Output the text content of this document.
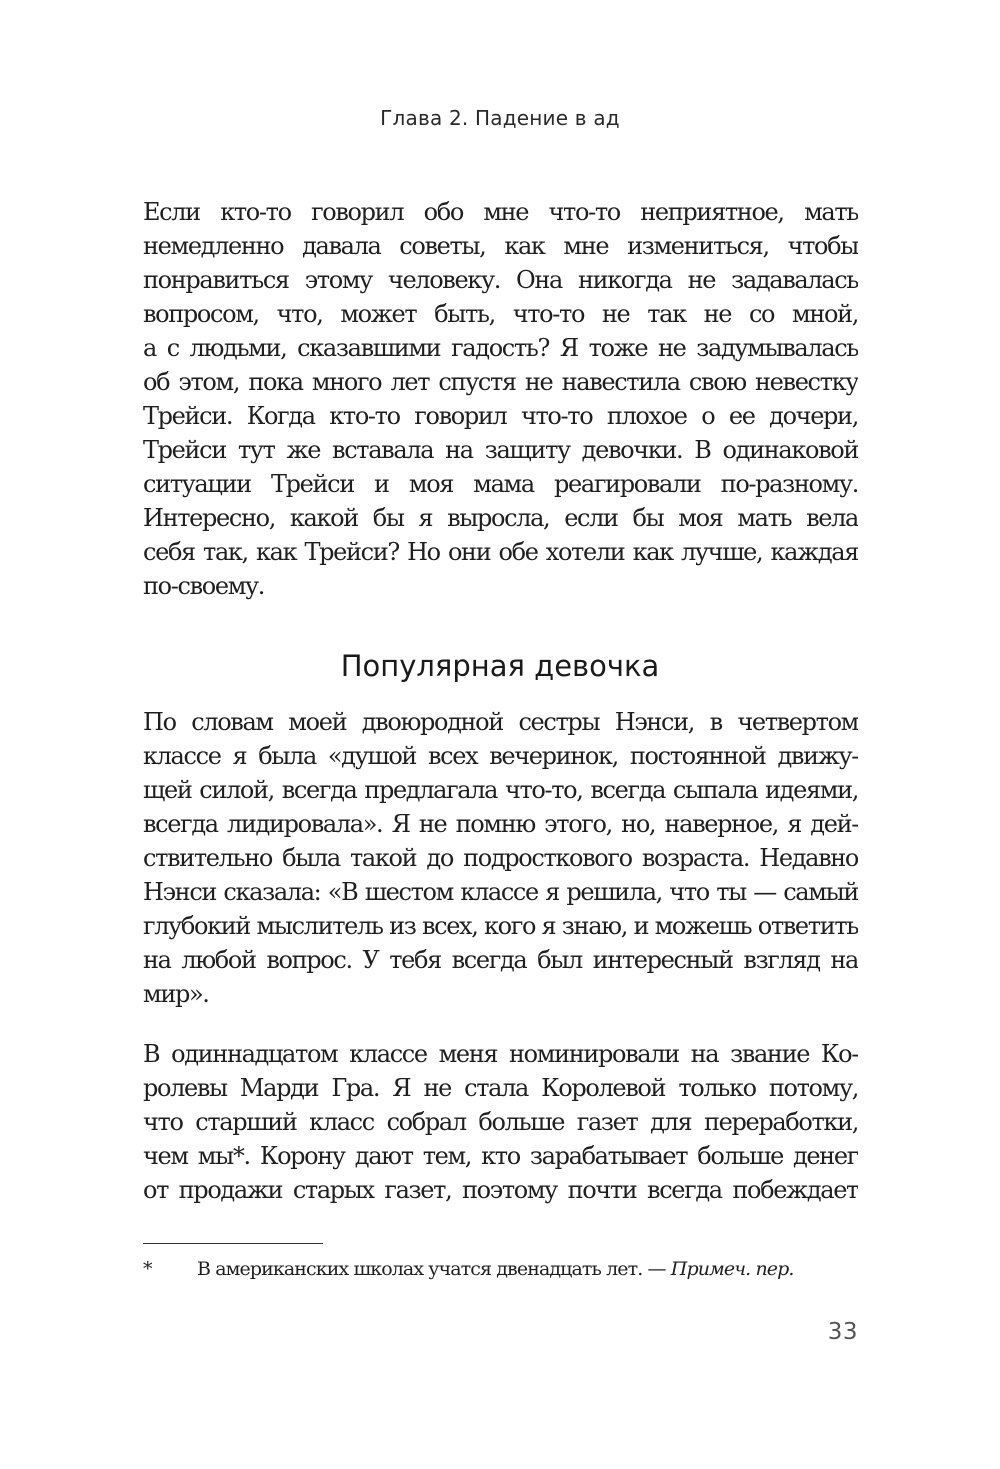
Глава 2. Падение в ад
Если кто-то говорил обо мне что-то неприятное, мать
немедленно давала советы, как мне измениться, чтобы
понравиться этому человеку. Она никогда не задавалась
вопросом, что, может быть, что-то не так не со мной,
а с людьми, сказавшими гадость? Я тоже не задумывалась
об этом, пока много лет спустя не навестила свою невестку
Трейси. Когда кто-то говорил что-то плохое о ее дочери,
Трейси тут же вставала на защиту девочки. В одинаковой
ситуации Трейси и моя мама реагировали по-разному.
Интересно, какой бы я выросла, если бы моя мать вела
себя так, как Трейси? Но они обе хотели как лучше, каждая
по-своему.
Популярная девочка
По словам моей двоюродной сестры Нэнси, в четвертом
классе я была «душой всех вечеринок, постоянной движу-
щей силой, всегда предлагала что-то, всегда сыпала идеями,
всегда лидировала». Я не помню этого, но, наверное, я дей-
ствительно была такой до подросткового возраста. Недавно
Нэнси сказала: «В шестом классе я решила, что ты — самый
глубокий мыслитель из всех, кого я знаю, и можешь ответить
на любой вопрос. У тебя всегда был интересный взгляд на
мир».
В одиннадцатом классе меня номинировали на звание Ко-
ролевы Марди Гра. Я не стала Королевой только потому,
что старший класс собрал больше газет для переработки,
чем мы*. Корону дают тем, кто зарабатывает больше денег
от продажи старых газет, поэтому почти всегда побеждает
* В американских школах учатся двенадцать лет. — Примеч. пер.
33
